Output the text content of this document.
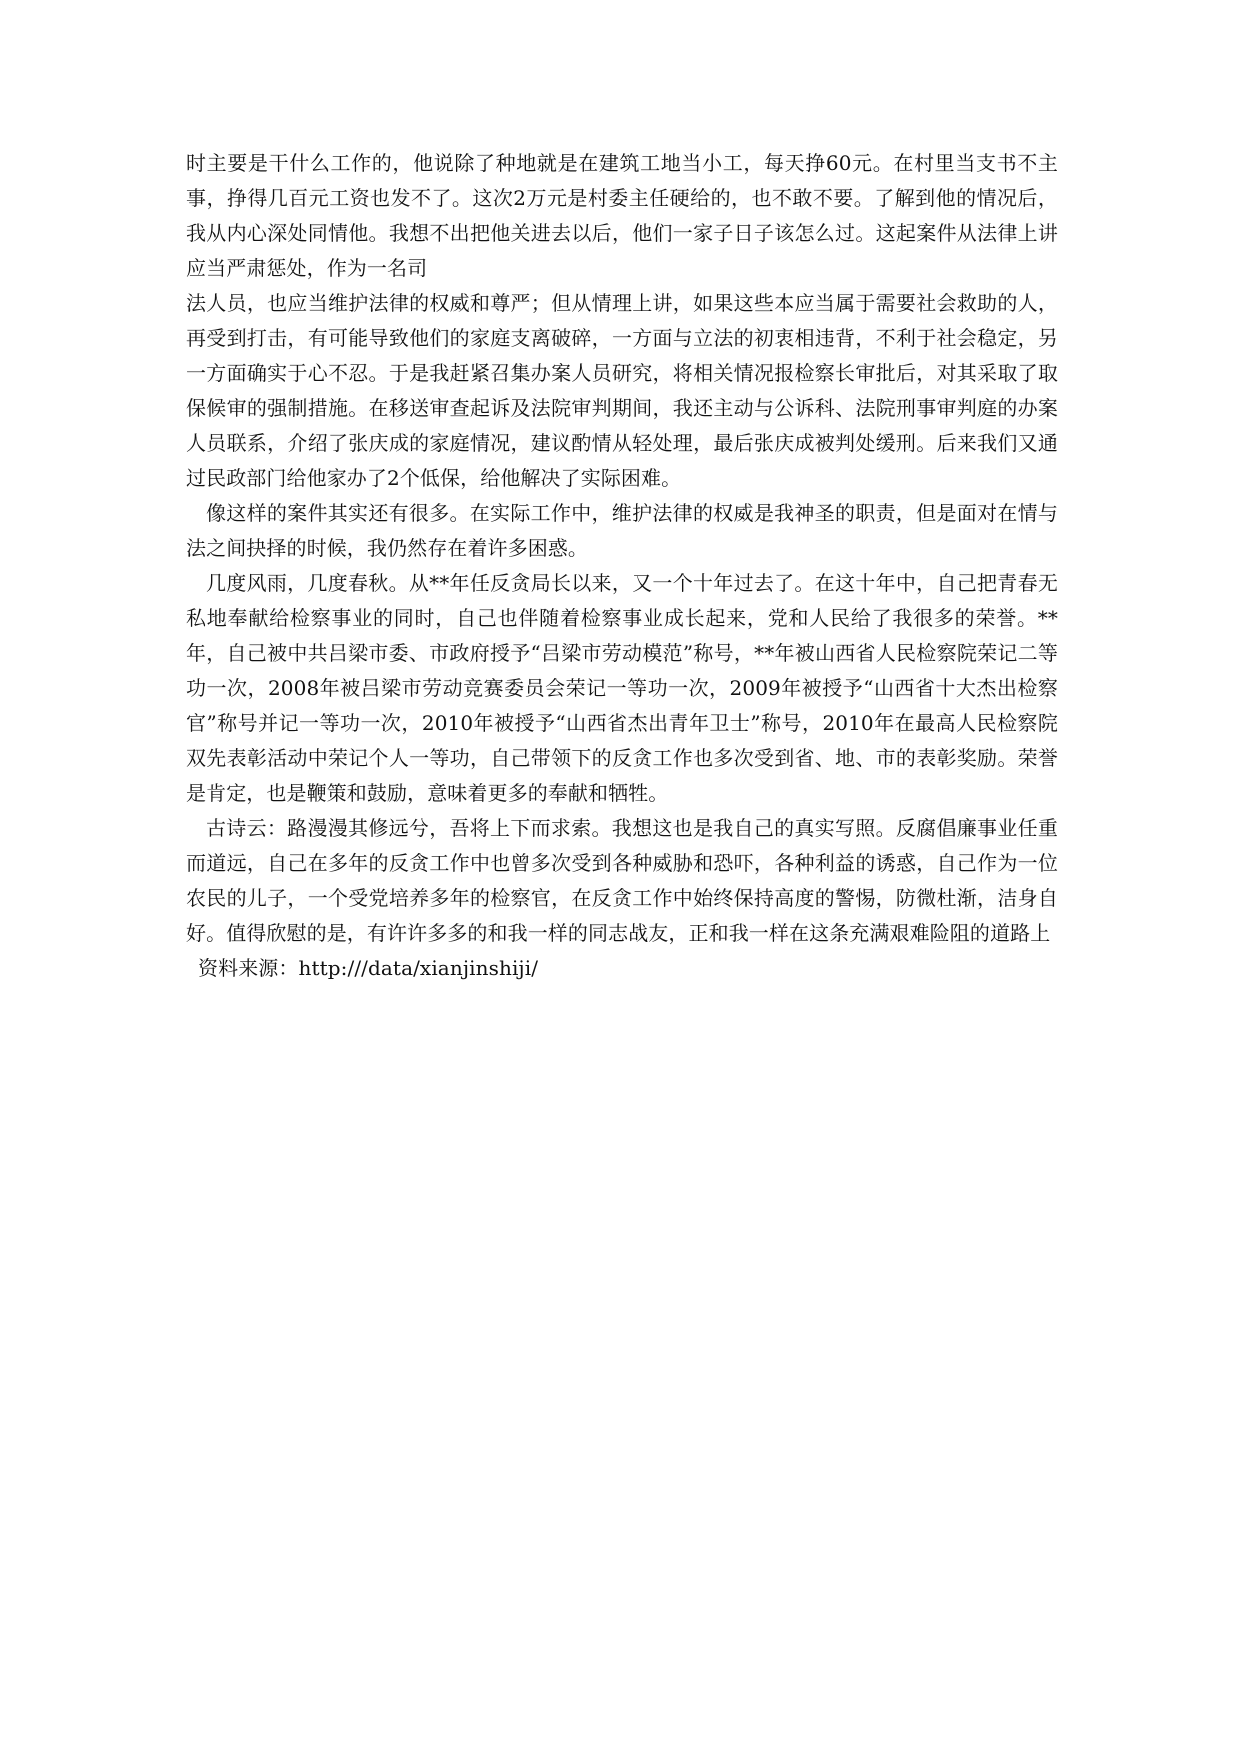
时主要是干什么工作的，他说除了种地就是在建筑工地当小工，每天挣60元。在村里当支书不主事，挣得几百元工资也发不了。这次2万元是村委主任硬给的，也不敢不要。了解到他的情况后，我从内心深处同情他。我想不出把他关进去以后，他们一家子日子该怎么过。这起案件从法律上讲应当严肃惩处，作为一名司

法人员，也应当维护法律的权威和尊严；但从情理上讲，如果这些本应当属于需要社会救助的人，再受到打击，有可能导致他们的家庭支离破碎，一方面与立法的初衷相违背，不利于社会稳定，另一方面确实于心不忍。于是我赶紧召集办案人员研究，将相关情况报检察长审批后，对其采取了取保候审的强制措施。在移送审查起诉及法院审判期间，我还主动与公诉科、法院刑事审判庭的办案人员联系，介绍了张庆成的家庭情况，建议酌情从轻处理，最后张庆成被判处缓刑。后来我们又通过民政部门给他家办了2个低保，给他解决了实际困难。

像这样的案件其实还有很多。在实际工作中，维护法律的权威是我神圣的职责，但是面对在情与法之间抉择的时候，我仍然存在着许多困惑。

几度风雨，几度春秋。从**年任反贪局长以来，又一个十年过去了。在这十年中，自己把青春无私地奉献给检察事业的同时，自己也伴随着检察事业成长起来，党和人民给了我很多的荣誉。**年，自己被中共吕梁市委、市政府授予“吕梁市劳动模范”称号，**年被山西省人民检察院荣记二等功一次，2008年被吕梁市劳动竞赛委员会荣记一等功一次，2009年被授予“山西省十大杰出检察官”称号并记一等功一次，2010年被授予“山西省杰出青年卫士”称号，2010年在最高人民检察院双先表彰活动中荣记个人一等功，自己带领下的反贪工作也多次受到省、地、市的表彰奖励。荣誉是肯定，也是鞭策和鼓励，意味着更多的奉献和牺牲。

古诗云：路漫漫其修远兮，吾将上下而求索。我想这也是我自己的真实写照。反腐倡廉事业任重而道远，自己在多年的反贪工作中也曾多次受到各种威胁和恐吓，各种利益的诱惑，自己作为一位农民的儿子，一个受党培养多年的检察官，在反贪工作中始终保持高度的警惕，防微杜渐，洁身自好。值得欣慰的是，有许许多多的和我一样的同志战友，正和我一样在这条充满艰难险阻的道路上

资料来源：http:///data/xianjinshiji/
